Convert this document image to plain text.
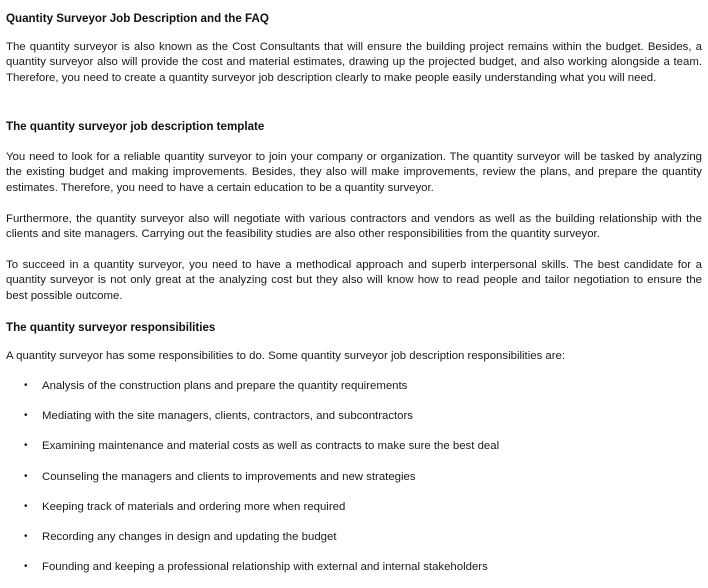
Quantity Surveyor Job Description and the FAQ

The quantity surveyor is also known as the Cost Consultants that will ensure the building project remains within the budget. Besides, a quantity surveyor also will provide the cost and material estimates, drawing up the projected budget, and also working alongside a team. Therefore, you need to create a quantity surveyor job description clearly to make people easily understanding what you will need.

The quantity surveyor job description template

You need to look for a reliable quantity surveyor to join your company or organization. The quantity surveyor will be tasked by analyzing the existing budget and making improvements. Besides, they also will make improvements, review the plans, and prepare the quantity estimates. Therefore, you need to have a certain education to be a quantity surveyor.

Furthermore, the quantity surveyor also will negotiate with various contractors and vendors as well as the building relationship with the clients and site managers. Carrying out the feasibility studies are also other responsibilities from the quantity surveyor.

To succeed in a quantity surveyor, you need to have a methodical approach and superb interpersonal skills. The best candidate for a quantity surveyor is not only great at the analyzing cost but they also will know how to read people and tailor negotiation to ensure the best possible outcome.

The quantity surveyor responsibilities

A quantity surveyor has some responsibilities to do. Some quantity surveyor job description responsibilities are:

• Analysis of the construction plans and prepare the quantity requirements
• Mediating with the site managers, clients, contractors, and subcontractors
• Examining maintenance and material costs as well as contracts to make sure the best deal
• Counseling the managers and clients to improvements and new strategies
• Keeping track of materials and ordering more when required
• Recording any changes in design and updating the budget
• Founding and keeping a professional relationship with external and internal stakeholders
